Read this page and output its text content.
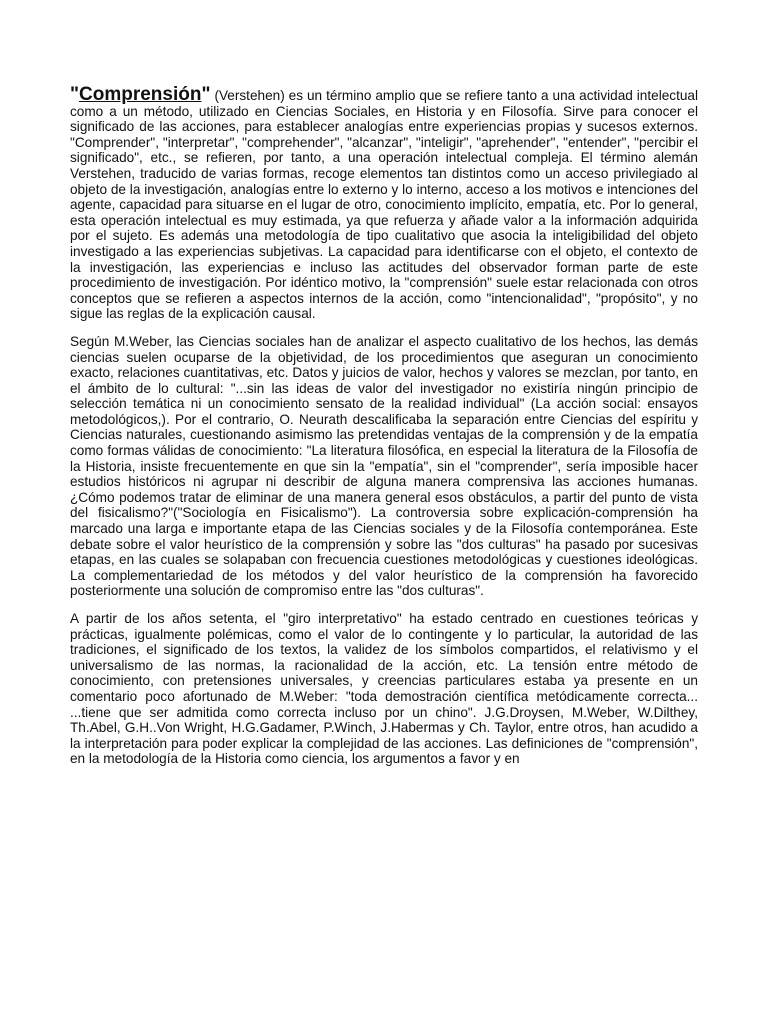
"Comprensión" (Verstehen) es un término amplio que se refiere tanto a una actividad intelectual como a un método, utilizado en Ciencias Sociales, en Historia y en Filosofía. Sirve para conocer el significado de las acciones, para establecer analogías entre experiencias propias y sucesos externos. "Comprender", "interpretar", "comprehender", "alcanzar", "inteligir", "aprehender", "entender", "percibir el significado", etc., se refieren, por tanto, a una operación intelectual compleja. El término alemán Verstehen, traducido de varias formas, recoge elementos tan distintos como un acceso privilegiado al objeto de la investigación, analogías entre lo externo y lo interno, acceso a los motivos e intenciones del agente, capacidad para situarse en el lugar de otro, conocimiento implícito, empatía, etc. Por lo general, esta operación intelectual es muy estimada, ya que refuerza y añade valor a la información adquirida por el sujeto. Es además una metodología de tipo cualitativo que asocia la inteligibilidad del objeto investigado a las experiencias subjetivas. La capacidad para identificarse con el objeto, el contexto de la investigación, las experiencias e incluso las actitudes del observador forman parte de este procedimiento de investigación. Por idéntico motivo, la "comprensión" suele estar relacionada con otros conceptos que se refieren a aspectos internos de la acción, como "intencionalidad", "propósito", y no sigue las reglas de la explicación causal.

Según M.Weber, las Ciencias sociales han de analizar el aspecto cualitativo de los hechos, las demás ciencias suelen ocuparse de la objetividad, de los procedimientos que aseguran un conocimiento exacto, relaciones cuantitativas, etc. Datos y juicios de valor, hechos y valores se mezclan, por tanto, en el ámbito de lo cultural: "...sin las ideas de valor del investigador no existiría ningún principio de selección temática ni un conocimiento sensato de la realidad individual" (La acción social: ensayos metodológicos,). Por el contrario, O. Neurath descalificaba la separación entre Ciencias del espíritu y Ciencias naturales, cuestionando asimismo las pretendidas ventajas de la comprensión y de la empatía como formas válidas de conocimiento: "La literatura filosófica, en especial la literatura de la Filosofía de la Historia, insiste frecuentemente en que sin la "empatía", sin el "comprender", sería imposible hacer estudios históricos ni agrupar ni describir de alguna manera comprensiva las acciones humanas. ¿Cómo podemos tratar de eliminar de una manera general esos obstáculos, a partir del punto de vista del fisicalismo?"("Sociología en Fisicalismo"). La controversia sobre explicación-comprensión ha marcado una larga e importante etapa de las Ciencias sociales y de la Filosofía contemporánea. Este debate sobre el valor heurístico de la comprensión y sobre las "dos culturas" ha pasado por sucesivas etapas, en las cuales se solapaban con frecuencia cuestiones metodológicas y cuestiones ideológicas. La complementariedad de los métodos y del valor heurístico de la comprensión ha favorecido posteriormente una solución de compromiso entre las "dos culturas".

A partir de los años setenta, el "giro interpretativo" ha estado centrado en cuestiones teóricas y prácticas, igualmente polémicas, como el valor de lo contingente y lo particular, la autoridad de las tradiciones, el significado de los textos, la validez de los símbolos compartidos, el relativismo y el universalismo de las normas, la racionalidad de la acción, etc. La tensión entre método de conocimiento, con pretensiones universales, y creencias particulares estaba ya presente en un comentario poco afortunado de M.Weber: "toda demostración científica metódicamente correcta... ...tiene que ser admitida como correcta incluso por un chino". J.G.Droysen, M.Weber, W.Dilthey, Th.Abel, G.H..Von Wright, H.G.Gadamer, P.Winch, J.Habermas y Ch. Taylor, entre otros, han acudido a la interpretación para poder explicar la complejidad de las acciones. Las definiciones de "comprensión", en la metodología de la Historia como ciencia, los argumentos a favor y en
